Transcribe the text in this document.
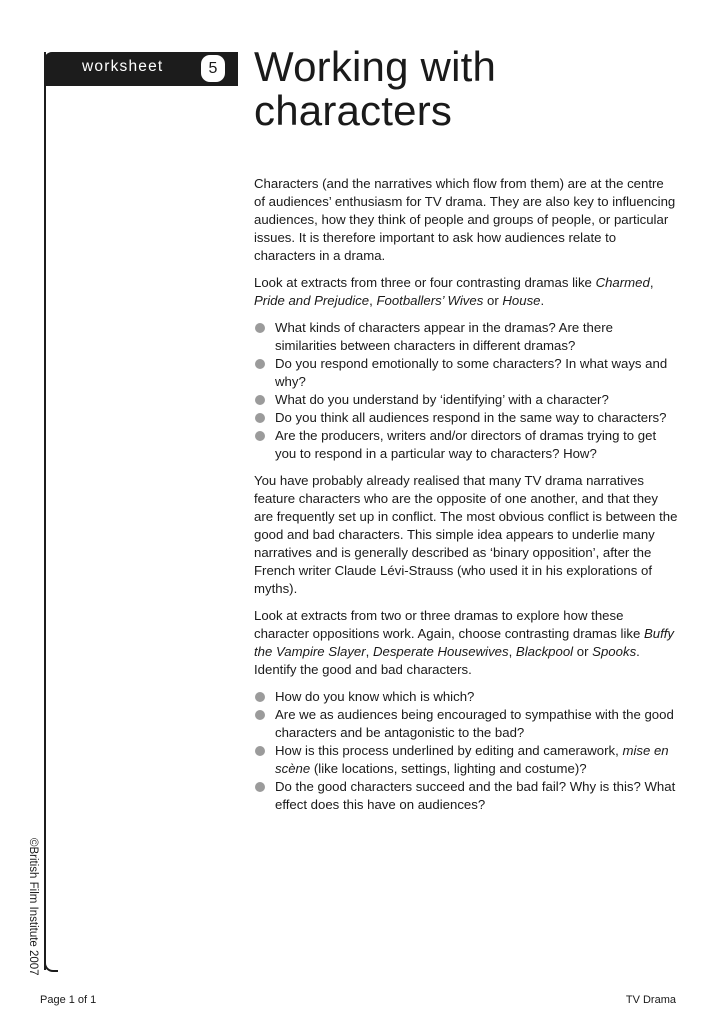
worksheet	5
©British Film Institute 2007
Working with
characters

Characters (and the narratives which flow from them) are at the centre of audiences’ enthusiasm for TV drama. They are also key to influencing audiences, how they think of people and groups of people, or particular issues. It is therefore important to ask how audiences relate to characters in a drama.

Look at extracts from three or four contrasting dramas like Charmed, Pride and Prejudice, Footballers’ Wives or House.

What kinds of characters appear in the dramas? Are there similarities between characters in different dramas?
Do you respond emotionally to some characters? In what ways and why?
What do you understand by ‘identifying’ with a character?
Do you think all audiences respond in the same way to characters?
Are the producers, writers and/or directors of dramas trying to get you to respond in a particular way to characters? How?

You have probably already realised that many TV drama narratives feature characters who are the opposite of one another, and that they are frequently set up in conflict. The most obvious conflict is between the good and bad characters. This simple idea appears to underlie many narratives and is generally described as ‘binary opposition’, after the French writer Claude Lévi-Strauss (who used it in his explorations of myths).

Look at extracts from two or three dramas to explore how these character oppositions work. Again, choose contrasting dramas like Buffy the Vampire Slayer, Desperate Housewives, Blackpool or Spooks. Identify the good and bad characters.

How do you know which is which?
Are we as audiences being encouraged to sympathise with the good characters and be antagonistic to the bad?
How is this process underlined by editing and camerawork, mise en scène (like locations, settings, lighting and costume)?
Do the good characters succeed and the bad fail? Why is this? What effect does this have on audiences?
Page 1 of 1	TV Drama
